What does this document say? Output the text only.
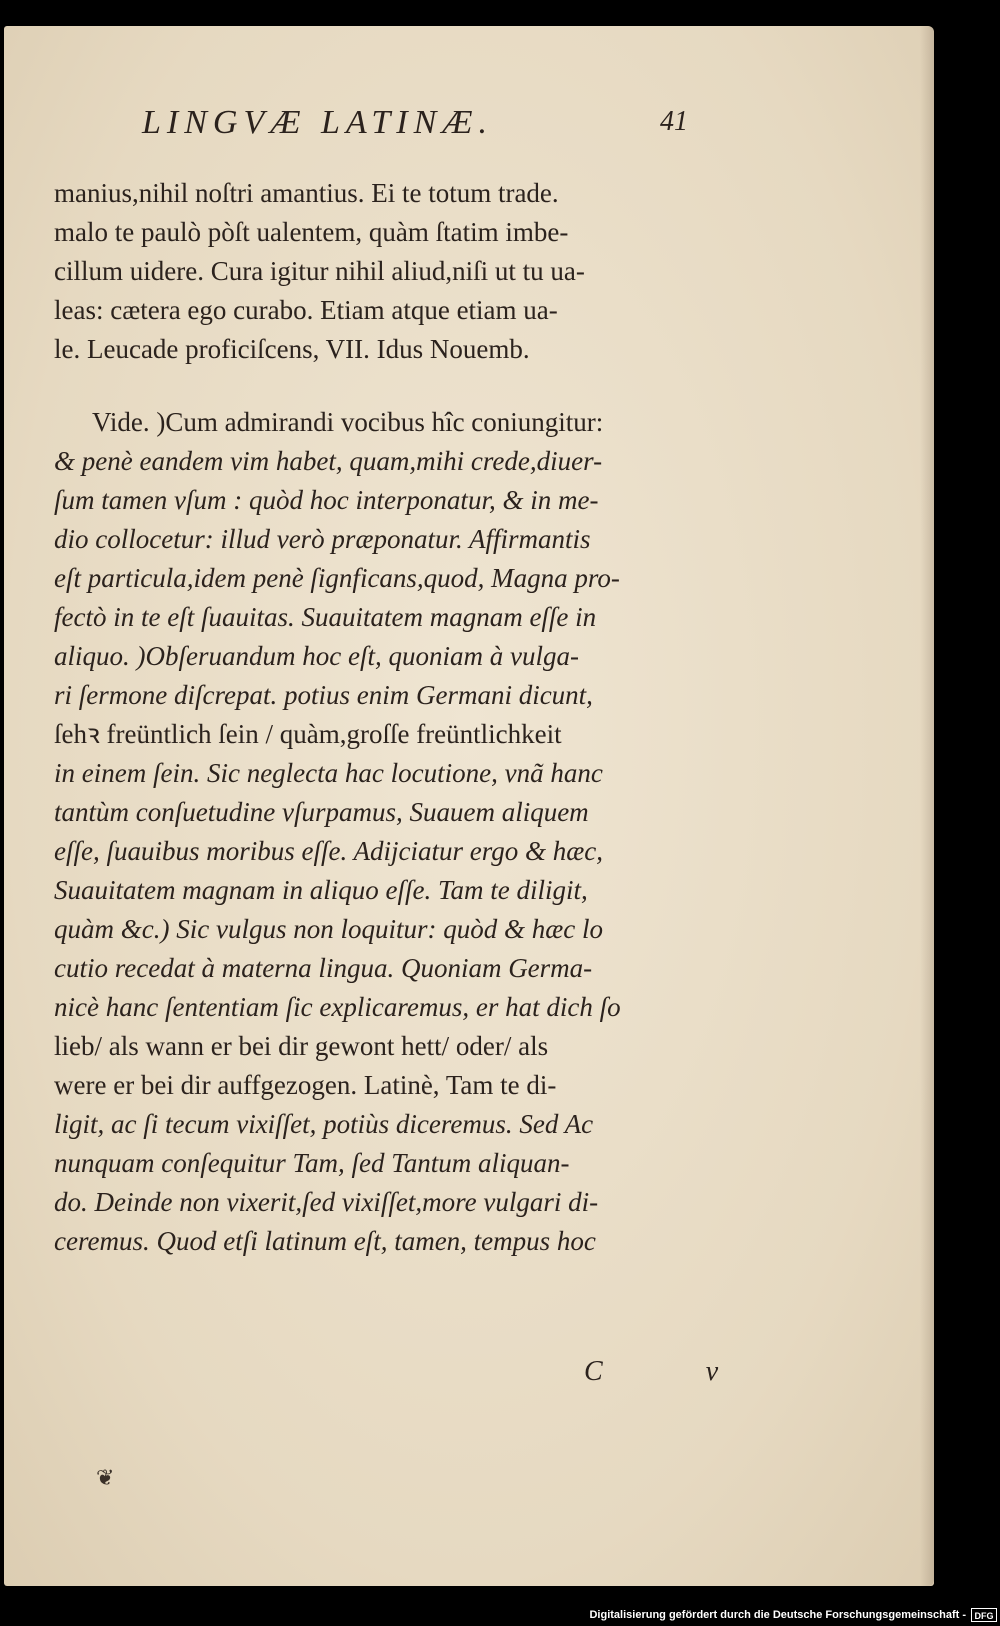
LINGVÆ LATINÆ.	41
manius,nihil noſtri amantius. Ei te totum trade.
malo te paulò pòſt ualentem, quàm ſtatim imbe-
cillum uidere. Cura igitur nihil aliud,niſi ut tu ua-
leas: cætera ego curabo. Etiam atque etiam ua-
le. Leucade proficiſcens, VII. Idus Nouemb.
Vide. )Cum admirandi vocibus hîc coniungitur:
& penè eandem vim habet, quam,mihi crede,diuer-
ſum tamen vſum : quòd hoc interponatur, & in me-
dio collocetur: illud verò præponatur. Affirmantis
eſt particula,idem penè ſignficans,quod, Magna pro-
fectò in te eſt ſuauitas. Suauitatem magnam eſſe in
aliquo. )Obſeruandum hoc eſt, quoniam à vulga-
ri ſermone diſcrepat. potius enim Germani dicunt,
ſehꝛ freüntlich ſein / quàm,groſſe freüntlichkeit
in einem ſein. Sic neglecta hac locutione, vnã hanc
tantùm conſuetudine vſurpamus, Suauem aliquem
eſſe, ſuauibus moribus eſſe. Adijciatur ergo & hæc,
Suauitatem magnam in aliquo eſſe. Tam te diligit,
quàm &c.) Sic vulgus non loquitur: quòd & hæc lo
cutio recedat à materna lingua. Quoniam Germa-
nicè hanc ſententiam ſic explicaremus, er hat dich ſo
lieb/ als wann er bei dir gewont hett/ oder/ als
were er bei dir auffgezogen. Latinè, Tam te di-
ligit, ac ſi tecum vixiſſet, potiùs diceremus. Sed Ac
nunquam conſequitur Tam, ſed Tantum aliquan-
do. Deinde non vixerit,ſed vixiſſet,more vulgari di-
ceremus. Quod etſi latinum eſt, tamen, tempus hoc
C	v
❦
Digitalisierung gefördert durch die Deutsche Forschungsgemeinschaft - DFG
